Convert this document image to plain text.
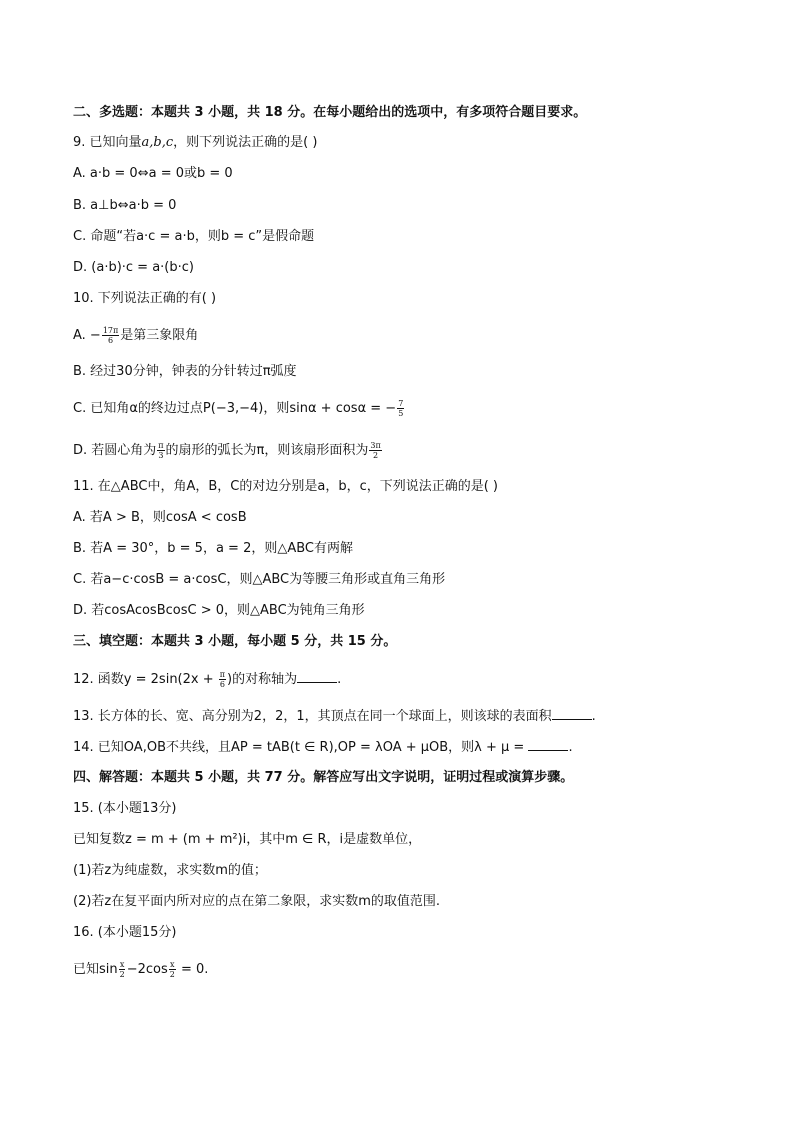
二、多选题：本题共 3 小题，共 18 分。在每小题给出的选项中，有多项符合题目要求。
9. 已知向量a,b,c，则下列说法正确的是( )
A. a·b = 0⇔a = 0或b = 0
B. a⊥b⇔a·b = 0
C. 命题“若a·c = a·b，则b = c”是假命题
D. (a·b)·c = a·(b·c)
10. 下列说法正确的有( )
A. − $\frac{17\pi}{6}$ 是第三象限角
B. 经过30分钟，钟表的分针转过π弧度
C. 已知角α的终边过点P(−3,−4)，则sinα + cosα = − $\frac{7}{5}$
D. 若圆心角为 $\frac{\pi}{3}$ 的扇形的弧长为π，则该扇形面积为 $\frac{3\pi}{2}$
11. 在△ABC中，角A，B，C的对边分别是a，b，c，下列说法正确的是( )
A. 若A > B，则cosA < cosB
B. 若A = 30°，b = 5，a = 2，则△ABC有两解
C. 若a−c·cosB = a·cosC，则△ABC为等腰三角形或直角三角形
D. 若cosAcosBcosC > 0，则△ABC为钝角三角形
三、填空题：本题共 3 小题，每小题 5 分，共 15 分。
12. 函数$y = 2\sin(2x + \frac{\pi}{6}$ )的对称轴为	.
13. 长方体的长、宽、高分别为2，2，1，其顶点在同一个球面上，则该球的表面积	.
14. 已知OA,OB不共线，且AP = tAB(t ∈ R),OP = λOA + μOB，则λ + μ =	.
四、解答题：本题共 5 小题，共 77 分。解答应写出文字说明，证明过程或演算步骤。
15. (本小题13分)
已知复数z = m + (m + m²)i，其中m ∈ R，i是虚数单位，
(1)若z为纯虚数，求实数m的值；
(2)若z在复平面内所对应的点在第二象限，求实数m的取值范围.
16. (本小题15分)
已知$\sin \frac{x}{2} -2\cos \frac{x}{2} = 0$.
